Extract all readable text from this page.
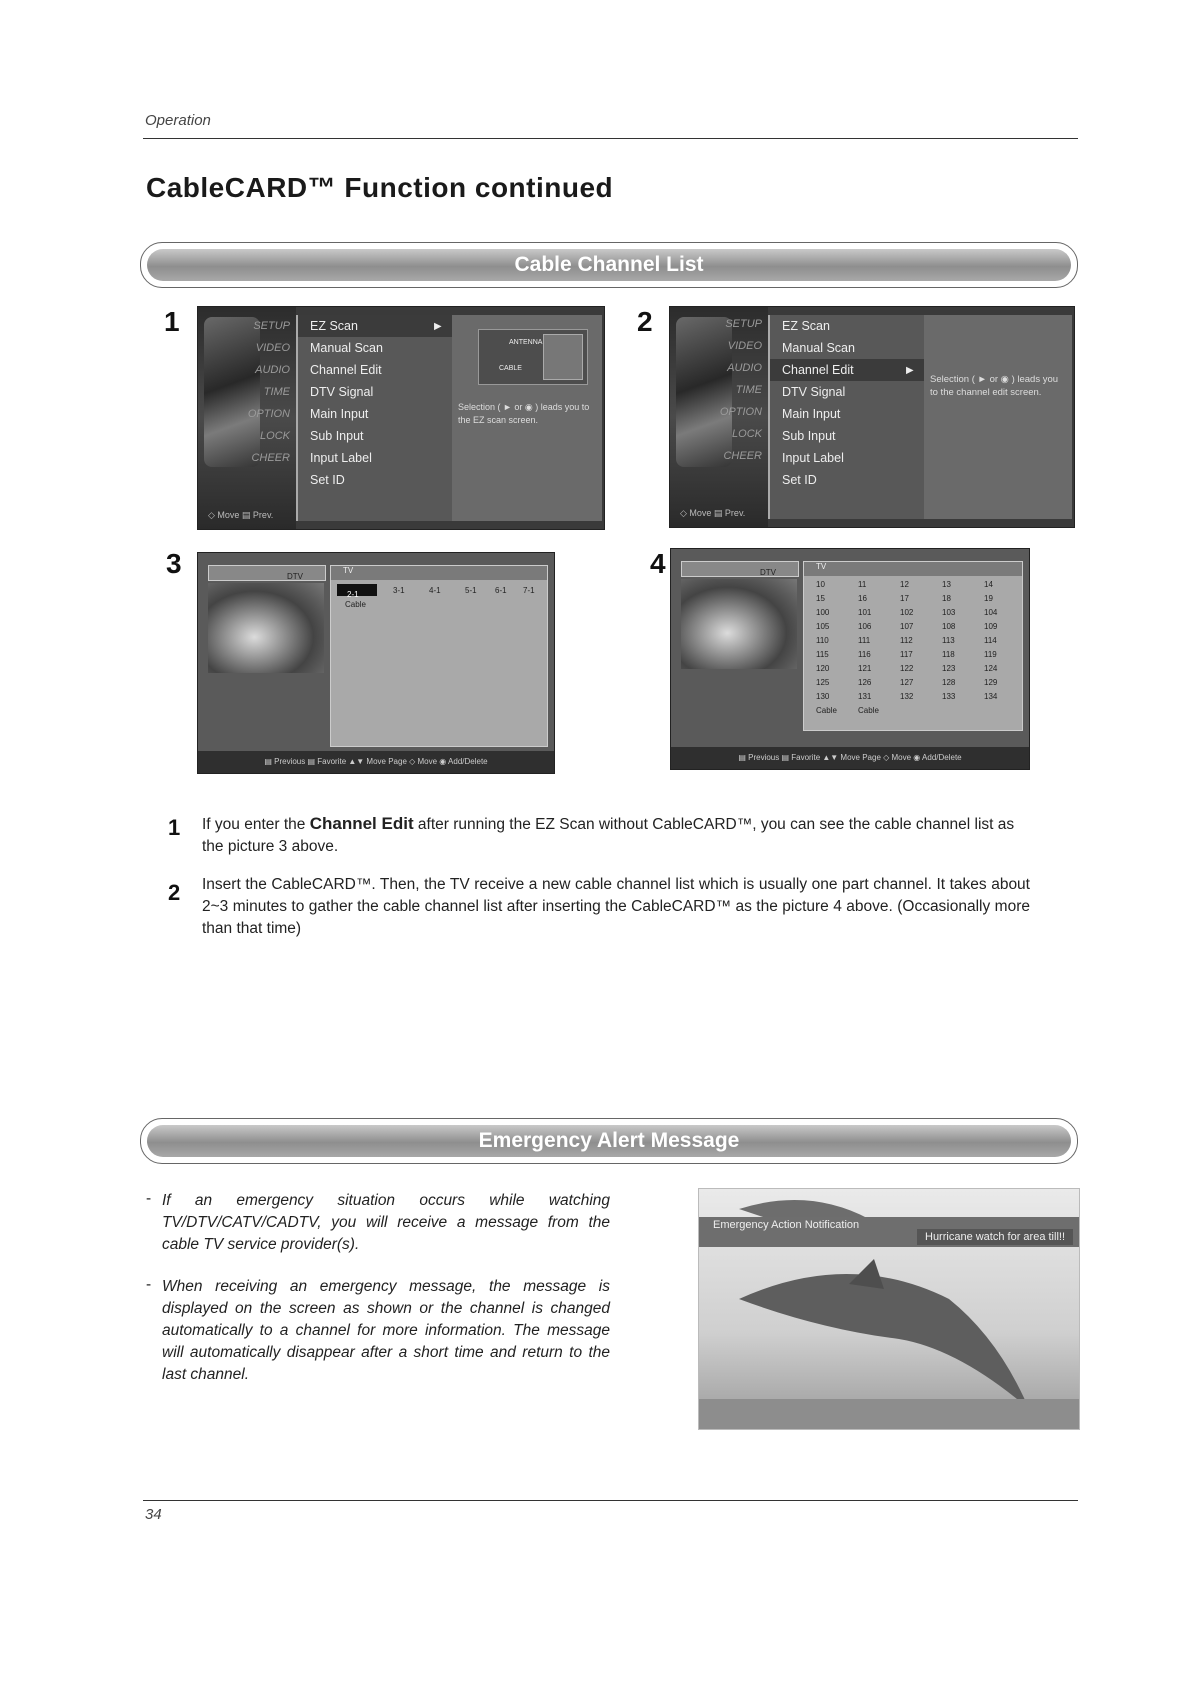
Operation
CableCARD™ Function continued
Cable Channel List
1	SETUP
VIDEO
AUDIO
TIME
OPTION
LOCK
CHEER
◇ Move ▤ Prev.
EZ Scan	►
Manual Scan
Channel Edit
DTV Signal
Main Input
Sub Input
Input Label
Set ID
ANTENNA
CABLE
Selection ( ► or ◉ ) leads you to the EZ scan screen.
2	SETUP
VIDEO
AUDIO
TIME
OPTION
LOCK
CHEER
◇ Move ▤ Prev.
EZ Scan
Manual Scan
Channel Edit	►
DTV Signal
Main Input
Sub Input
Input Label
Set ID
Selection ( ► or ◉ ) leads you to the channel edit screen.
3	DTV
TV
2-1	3-1	4-1	5-1 6-1 7-1
Cable
▤ Previous ▤ Favorite ▲▼ Move Page ◇ Move ◉ Add/Delete
4	DTV
TV
10	11	12	13	14
15	16	17	18	19
100	101	102	103	104
105	106	107	108	109
110	111	112	113	114
115	116	117	118	119
120	121	122	123	124
125	126	127	128	129
130	131	132	133	134
Cable	Cable
▤ Previous ▤ Favorite ▲▼ Move Page ◇ Move ◉ Add/Delete
1 If you enter the Channel Edit after running the EZ Scan without CableCARD™, you can see the cable channel list as the picture 3 above.
2 Insert the CableCARD™. Then, the TV receive a new cable channel list which is usually one part channel. It takes about 2~3 minutes to gather the cable channel list after inserting the CableCARD™ as the picture 4 above. (Occasionally more than that time)
Emergency Alert Message
- If an emergency situation occurs while watching TV/DTV/CATV/CADTV, you will receive a message from the cable TV service provider(s).
- When receiving an emergency message, the message is displayed on the screen as shown or the channel is changed automatically to a channel for more information. The message will automatically disappear after a short time and return to the last channel.
Emergency Action Notification
Hurricane watch for area till!!
34
